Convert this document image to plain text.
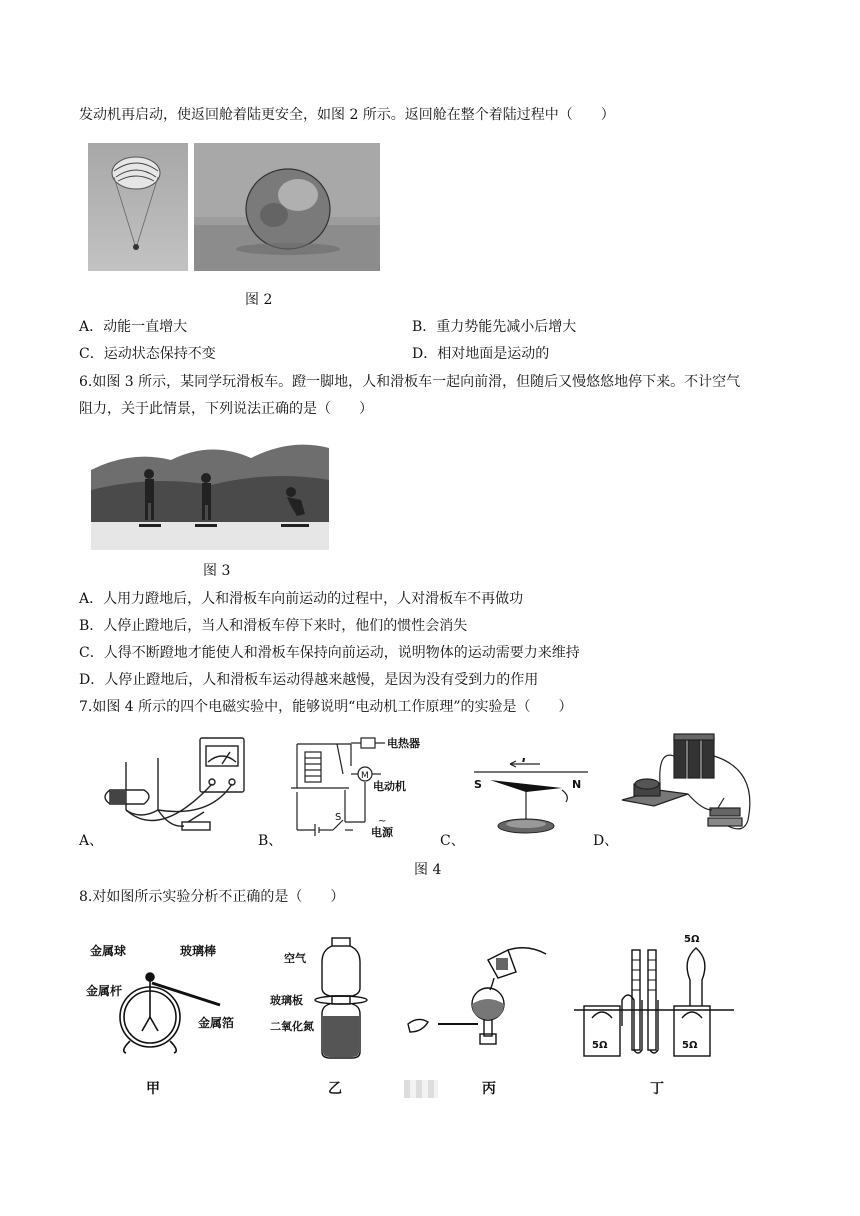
发动机再启动，使返回舱着陆更安全，如图 2 所示。返回舱在整个着陆过程中（　　）
图 2
A．动能一直增大	B．重力势能先减小后增大
C．运动状态保持不变	D．相对地面是运动的
6.如图 3 所示，某同学玩滑板车。蹬一脚地，人和滑板车一起向前滑，但随后又慢悠悠地停下来。不计空气
阻力，关于此情景，下列说法正确的是（　　）
图 3
A．人用力蹬地后，人和滑板车向前运动的过程中，人对滑板车不再做功
B．人停止蹬地后，当人和滑板车停下来时，他们的惯性会消失
C．人得不断蹬地才能使人和滑板车保持向前运动，说明物体的运动需要力来维持
D．人停止蹬地后，人和滑板车运动得越来越慢，是因为没有受到力的作用
7.如图 4 所示的四个电磁实验中，能够说明“电动机工作原理”的实验是（　　）
A、
电热器
M
电动机
S	~
电源
B、
I
S	N
C、	D、
图 4
8.对如图所示实验分析不正确的是（　　）
金属球	玻璃棒
金属杆
金属箔
空气
玻璃板
二氧化氮
5Ω
5Ω	5Ω
甲	乙	丙	丁
